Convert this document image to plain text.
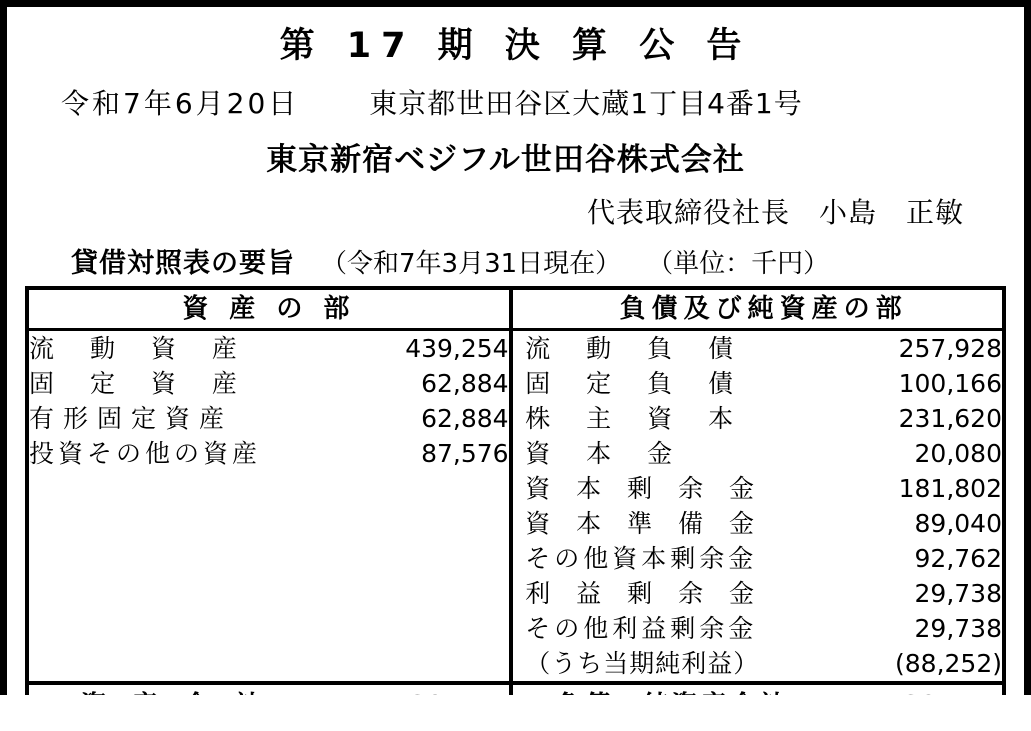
第 17 期 決 算 公 告
令和7年6月20日	東京都世田谷区大蔵1丁目4番1号
東京新宿ベジフル世田谷株式会社
代表取締役社長　小島　正敏
貸借対照表の要旨 （令和7年3月31日現在） （単位：千円）
資 産 の 部			負債及び純資産の部	
流 動 資 産	439,254		流 動 負 債	257,928
固 定 資 産	62,884		固 定 負 債	100,166
有形固定資産	62,884		株 主 資 本	231,620
投資その他の資産	87,576		資 本 金	20,080
			資 本 剰 余 金	181,802
			資 本 準 備 金	89,040
			その他資本剰余金	92,762
			利 益 剰 余 金	29,738
			その他利益剰余金	29,738
			（うち当期純利益）	(88,252)
